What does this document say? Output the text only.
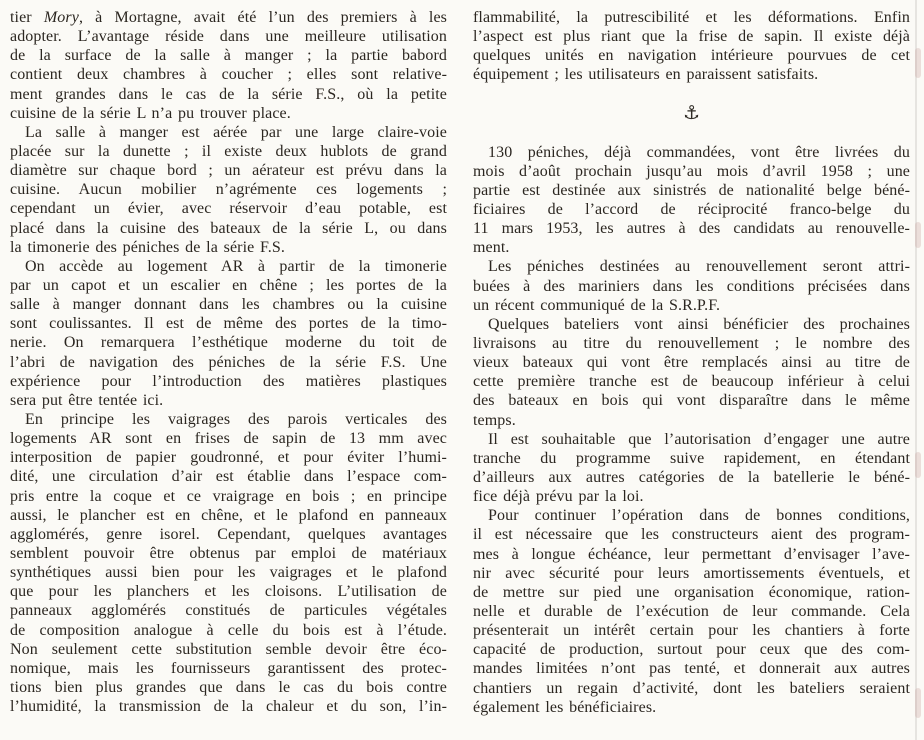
tier Mory, à Mortagne, avait été l’un des premiers à les
adopter. L’avantage réside dans une meilleure utilisation
de la surface de la salle à manger ; la partie babord
contient deux chambres à coucher ; elles sont relative-
ment grandes dans le cas de la série F.S., où la petite
cuisine de la série L n’a pu trouver place.
La salle à manger est aérée par une large claire-voie
placée sur la dunette ; il existe deux hublots de grand
diamètre sur chaque bord ; un aérateur est prévu dans la
cuisine. Aucun mobilier n’agrémente ces logements ;
cependant un évier, avec réservoir d’eau potable, est
placé dans la cuisine des bateaux de la série L, ou dans
la timonerie des péniches de la série F.S.
On accède au logement AR à partir de la timonerie
par un capot et un escalier en chêne ; les portes de la
salle à manger donnant dans les chambres ou la cuisine
sont coulissantes. Il est de même des portes de la timo-
nerie. On remarquera l’esthétique moderne du toit de
l’abri de navigation des péniches de la série F.S. Une
expérience pour l’introduction des matières plastiques
sera put être tentée ici.
En principe les vaigrages des parois verticales des
logements AR sont en frises de sapin de 13 mm avec
interposition de papier goudronné, et pour éviter l’humi-
dité, une circulation d’air est établie dans l’espace com-
pris entre la coque et ce vraigrage en bois ; en principe
aussi, le plancher est en chêne, et le plafond en panneaux
agglomérés, genre isorel. Cependant, quelques avantages
semblent pouvoir être obtenus par emploi de matériaux
synthétiques aussi bien pour les vaigrages et le plafond
que pour les planchers et les cloisons. L’utilisation de
panneaux agglomérés constitués de particules végétales
de composition analogue à celle du bois est à l’étude.
Non seulement cette substitution semble devoir être éco-
nomique, mais les fournisseurs garantissent des protec-
tions bien plus grandes que dans le cas du bois contre
l’humidité, la transmission de la chaleur et du son, l’in-
flammabilité, la putrescibilité et les déformations. Enfin
l’aspect est plus riant que la frise de sapin. Il existe déjà
quelques unités en navigation intérieure pourvues de cet
équipement ; les utilisateurs en paraissent satisfaits.
⚓
130 péniches, déjà commandées, vont être livrées du
mois d’août prochain jusqu’au mois d’avril 1958 ; une
partie est destinée aux sinistrés de nationalité belge béné-
ficiaires de l’accord de réciprocité franco-belge du
11 mars 1953, les autres à des candidats au renouvelle-
ment.
Les péniches destinées au renouvellement seront attri-
buées à des mariniers dans les conditions précisées dans
un récent communiqué de la S.R.P.F.
Quelques bateliers vont ainsi bénéficier des prochaines
livraisons au titre du renouvellement ; le nombre des
vieux bateaux qui vont être remplacés ainsi au titre de
cette première tranche est de beaucoup inférieur à celui
des bateaux en bois qui vont disparaître dans le même
temps.
Il est souhaitable que l’autorisation d’engager une autre
tranche du programme suive rapidement, en étendant
d’ailleurs aux autres catégories de la batellerie le béné-
fice déjà prévu par la loi.
Pour continuer l’opération dans de bonnes conditions,
il est nécessaire que les constructeurs aient des program-
mes à longue échéance, leur permettant d’envisager l’ave-
nir avec sécurité pour leurs amortissements éventuels, et
de mettre sur pied une organisation économique, ration-
nelle et durable de l’exécution de leur commande. Cela
présenterait un intérêt certain pour les chantiers à forte
capacité de production, surtout pour ceux que des com-
mandes limitées n’ont pas tenté, et donnerait aux autres
chantiers un regain d’activité, dont les bateliers seraient
également les bénéficiaires.
